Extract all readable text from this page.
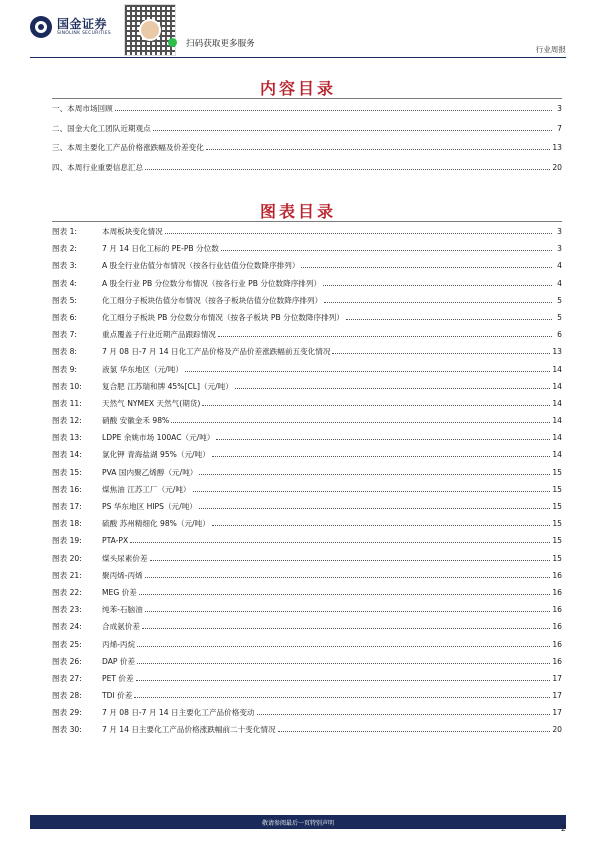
国金证券
SINOLINK SECURITIES
扫码获取更多服务
行业周报
内容目录
一、本周市场回顾	3
二、国金大化工团队近期观点	7
三、本周主要化工产品价格涨跌幅及价差变化	13
四、本周行业重要信息汇总	20
图表目录
图表 1:	本周板块变化情况	3
图表 2:	7 月 14 日化工标的 PE-PB 分位数	3
图表 3:	A 股全行业估值分布情况（按各行业估值分位数降序排列）	4
图表 4:	A 股全行业 PB 分位数分布情况（按各行业 PB 分位数降序排列）	4
图表 5:	化工细分子板块估值分布情况（按各子板块估值分位数降序排列）	5
图表 6:	化工细分子板块 PB 分位数分布情况（按各子板块 PB 分位数降序排列）	5
图表 7:	重点覆盖子行业近期产品跟踪情况	6
图表 8:	7 月 08 日-7 月 14 日化工产品价格及产品价差涨跌幅前五变化情况	13
图表 9:	液氯 华东地区（元/吨）	14
图表 10:	复合肥 江苏瑞和牌 45%[CL]（元/吨）	14
图表 11:	天然气 NYMEX 天然气(期货)	14
图表 12:	硝酸 安徽金禾 98%	14
图表 13:	LDPE 余姚市场 100AC（元/吨）	14
图表 14:	氯化钾 青海盐湖 95%（元/吨）	14
图表 15:	PVA 国内聚乙烯醇（元/吨）	15
图表 16:	煤焦油 江苏工厂（元/吨）	15
图表 17:	PS 华东地区 HIPS（元/吨）	15
图表 18:	硫酸 苏州精细化 98%（元/吨）	15
图表 19:	PTA-PX	15
图表 20:	煤头尿素价差	15
图表 21:	聚丙烯-丙烯	16
图表 22:	MEG 价差	16
图表 23:	纯苯-石脑油	16
图表 24:	合成氨价差	16
图表 25:	丙烯-丙烷	16
图表 26:	DAP 价差	16
图表 27:	PET 价差	17
图表 28:	TDI 价差	17
图表 29:	7 月 08 日-7 月 14 日主要化工产品价格变动	17
图表 30:	7 月 14 日主要化工产品价格涨跌幅前二十变化情况	20
敬请参阅最后一页特别声明
2
